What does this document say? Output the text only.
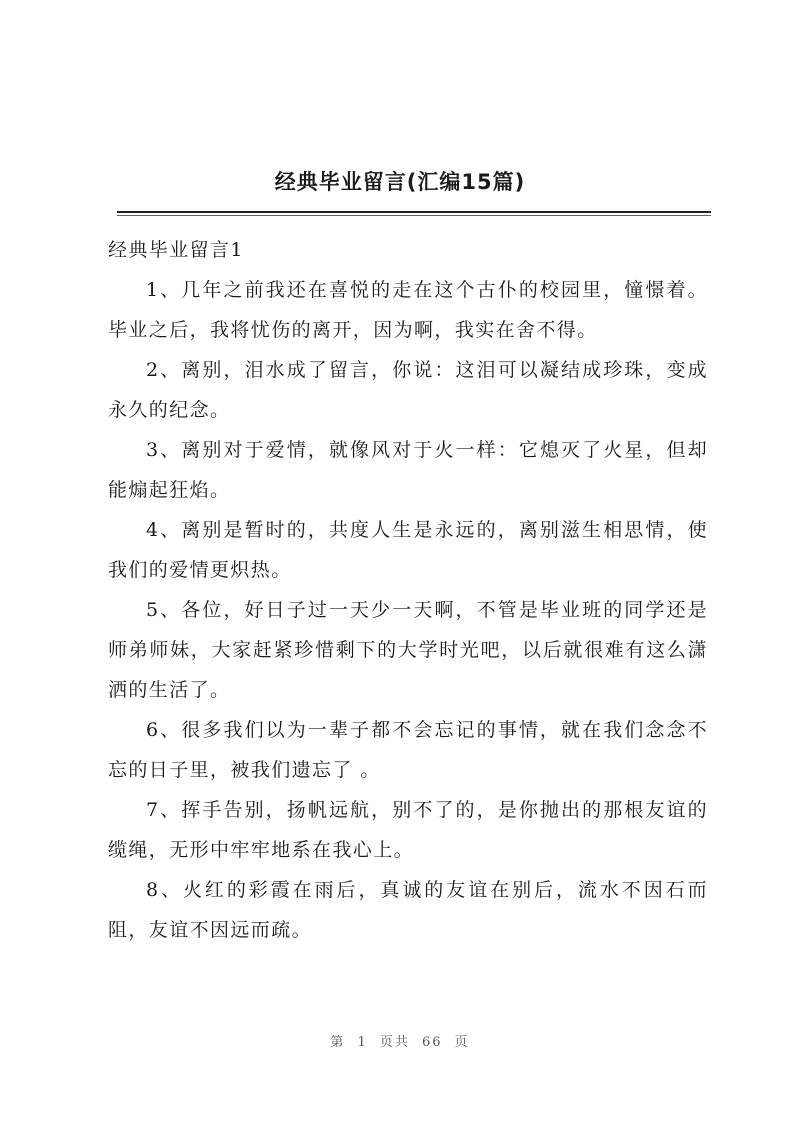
经典毕业留言(汇编15篇)

经典毕业留言1

1、几年之前我还在喜悦的走在这个古仆的校园里，憧憬着。毕业之后，我将忧伤的离开，因为啊，我实在舍不得。

2、离别，泪水成了留言，你说：这泪可以凝结成珍珠，变成永久的纪念。

3、离别对于爱情，就像风对于火一样：它熄灭了火星，但却能煽起狂焰。

4、离别是暂时的，共度人生是永远的，离别滋生相思情，使我们的爱情更炽热。

5、各位，好日子过一天少一天啊，不管是毕业班的同学还是师弟师妹，大家赶紧珍惜剩下的大学时光吧，以后就很难有这么潇洒的生活了。

6、很多我们以为一辈子都不会忘记的事情，就在我们念念不忘的日子里，被我们遗忘了 。

7、挥手告别，扬帆远航，别不了的，是你抛出的那根友谊的缆绳，无形中牢牢地系在我心上。

8、火红的彩霞在雨后，真诚的友谊在别后，流水不因石而阻，友谊不因远而疏。

第 1 页共 66 页
